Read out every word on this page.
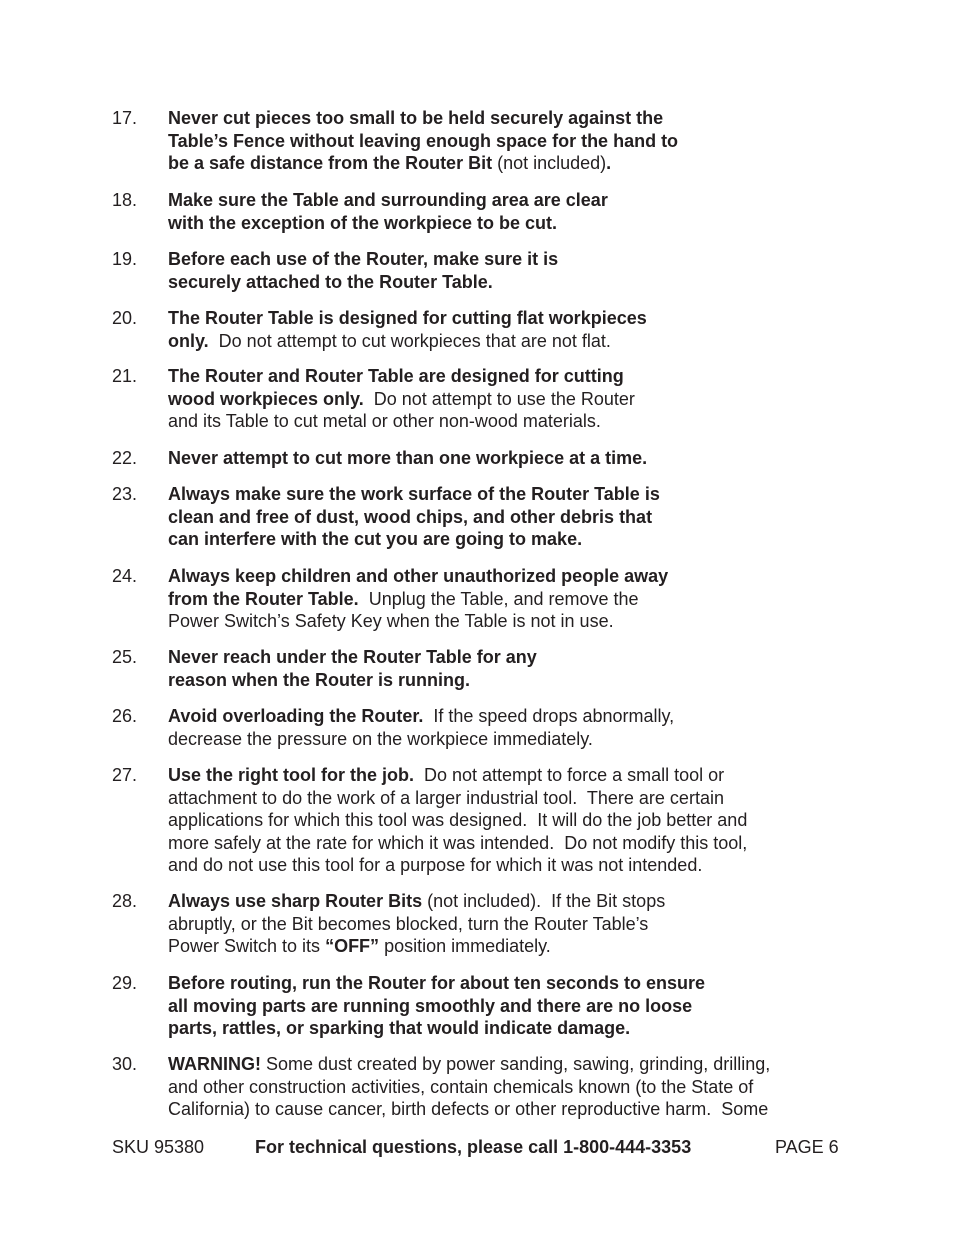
17. Never cut pieces too small to be held securely against the
Table’s Fence without leaving enough space for the hand to
be a safe distance from the Router Bit (not included).
18. Make sure the Table and surrounding area are clear
with the exception of the workpiece to be cut.
19. Before each use of the Router, make sure it is
securely attached to the Router Table.
20. The Router Table is designed for cutting flat workpieces
only.  Do not attempt to cut workpieces that are not flat.
21. The Router and Router Table are designed for cutting
wood workpieces only.  Do not attempt to use the Router
and its Table to cut metal or other non-wood materials.
22. Never attempt to cut more than one workpiece at a time.
23. Always make sure the work surface of the Router Table is
clean and free of dust, wood chips, and other debris that
can interfere with the cut you are going to make.
24. Always keep children and other unauthorized people away
from the Router Table.  Unplug the Table, and remove the
Power Switch’s Safety Key when the Table is not in use.
25. Never reach under the Router Table for any
reason when the Router is running.
26. Avoid overloading the Router.  If the speed drops abnormally,
decrease the pressure on the workpiece immediately.
27. Use the right tool for the job.  Do not attempt to force a small tool or
attachment to do the work of a larger industrial tool.  There are certain
applications for which this tool was designed.  It will do the job better and
more safely at the rate for which it was intended.  Do not modify this tool,
and do not use this tool for a purpose for which it was not intended.
28. Always use sharp Router Bits (not included).  If the Bit stops
abruptly, or the Bit becomes blocked, turn the Router Table’s
Power Switch to its “OFF” position immediately.
29. Before routing, run the Router for about ten seconds to ensure
all moving parts are running smoothly and there are no loose
parts, rattles, or sparking that would indicate damage.
30. WARNING! Some dust created by power sanding, sawing, grinding, drilling,
and other construction activities, contain chemicals known (to the State of
California) to cause cancer, birth defects or other reproductive harm.  Some
SKU 95380	For technical questions, please call 1-800-444-3353	PAGE 6
